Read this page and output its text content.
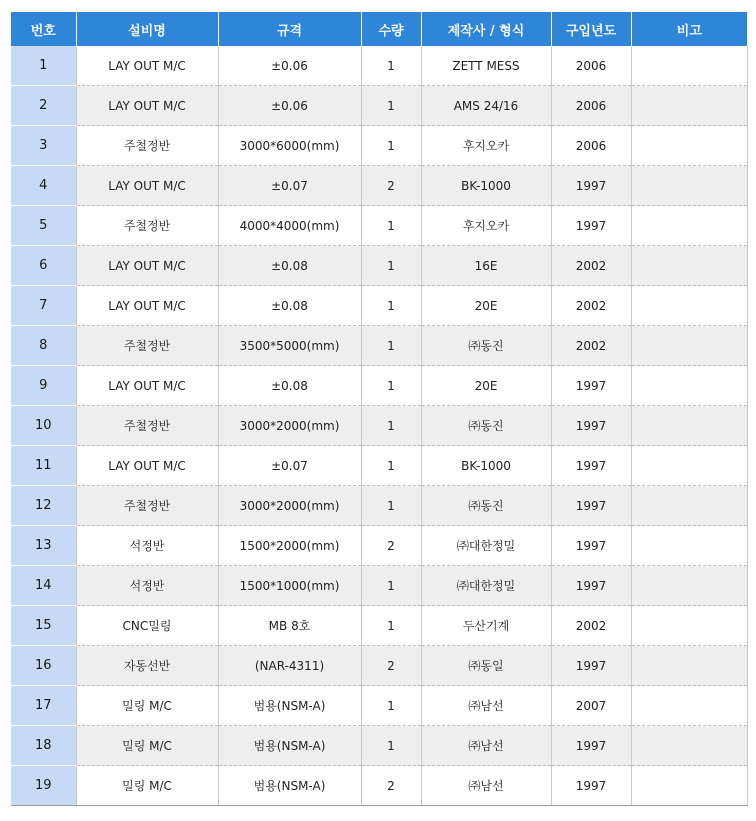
번호	설비명	규격	수량	제작사 / 형식	구입년도	비고
1	LAY OUT M/C	±0.06	1	ZETT MESS	2006	
2	LAY OUT M/C	±0.06	1	AMS 24/16	2006	
3	주철정반	3000*6000(mm)	1	후지오카	2006	
4	LAY OUT M/C	±0.07	2	BK-1000	1997	
5	주철정반	4000*4000(mm)	1	후지오카	1997	
6	LAY OUT M/C	±0.08	1	16E	2002	
7	LAY OUT M/C	±0.08	1	20E	2002	
8	주철정반	3500*5000(mm)	1	㈜동진	2002	
9	LAY OUT M/C	±0.08	1	20E	1997	
10	주철정반	3000*2000(mm)	1	㈜동진	1997	
11	LAY OUT M/C	±0.07	1	BK-1000	1997	
12	주철정반	3000*2000(mm)	1	㈜동진	1997	
13	석정반	1500*2000(mm)	2	㈜대한정밀	1997	
14	석정반	1500*1000(mm)	1	㈜대한정밀	1997	
15	CNC밀링	MB 8호	1	두산기계	2002	
16	자동선반	(NAR-4311)	2	㈜동일	1997	
17	밀링 M/C	범용(NSM-A)	1	㈜남선	2007	
18	밀링 M/C	범용(NSM-A)	1	㈜남선	1997	
19	밀링 M/C	범용(NSM-A)	2	㈜남선	1997	
